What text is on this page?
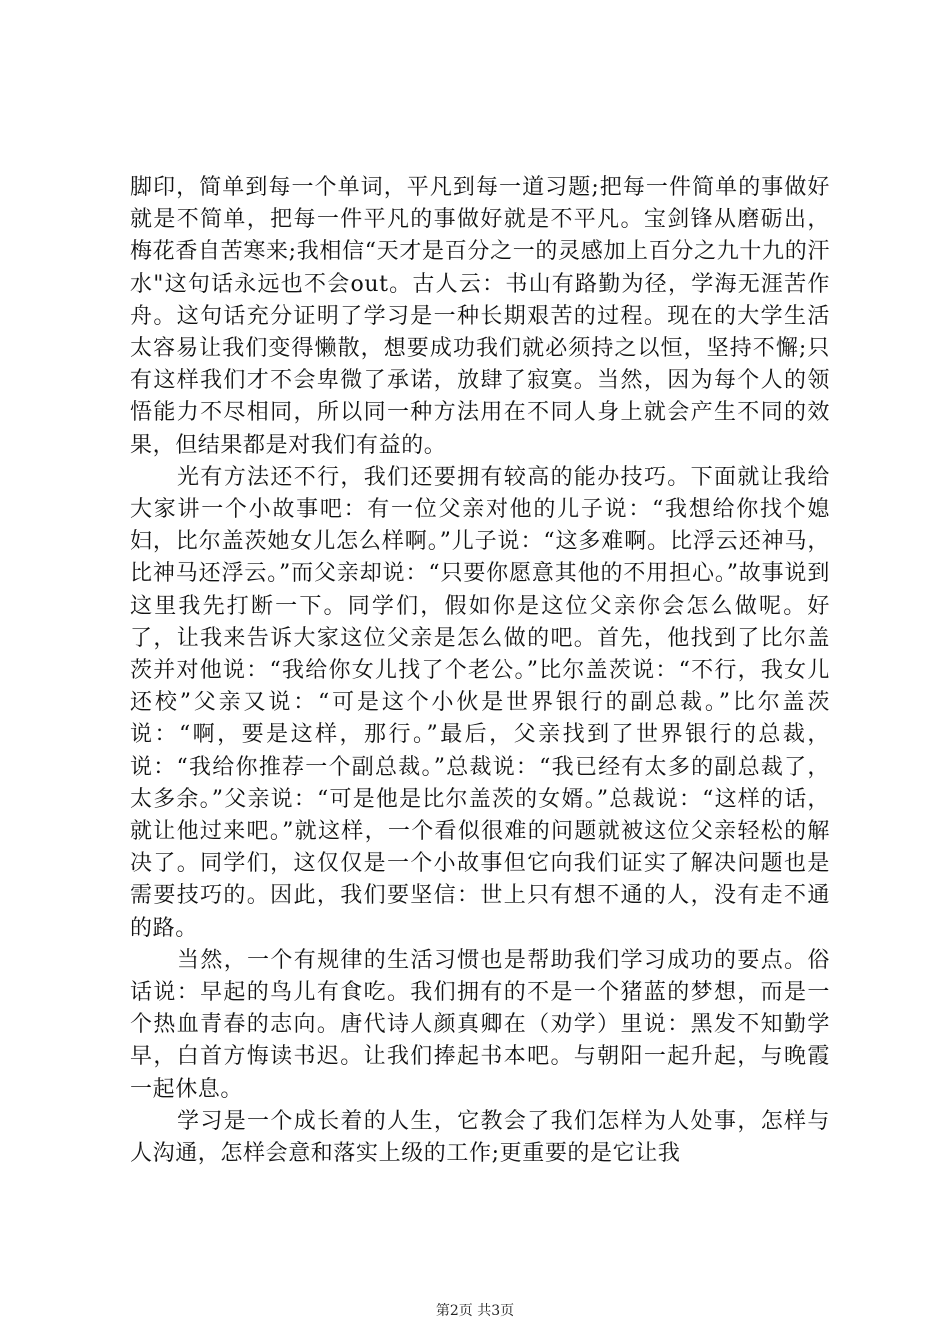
脚印，简单到每一个单词，平凡到每一道习题;把每一件简单的事做好就是不简单，把每一件平凡的事做好就是不平凡。宝剑锋从磨砺出，梅花香自苦寒来;我相信“天才是百分之一的灵感加上百分之九十九的汗水"这句话永远也不会out。古人云：书山有路勤为径，学海无涯苦作舟。这句话充分证明了学习是一种长期艰苦的过程。现在的大学生活太容易让我们变得懒散，想要成功我们就必须持之以恒，坚持不懈;只有这样我们才不会卑微了承诺，放肆了寂寞。当然，因为每个人的领悟能力不尽相同，所以同一种方法用在不同人身上就会产生不同的效果，但结果都是对我们有益的。

光有方法还不行，我们还要拥有较高的能办技巧。下面就让我给大家讲一个小故事吧：有一位父亲对他的儿子说：“我想给你找个媳妇，比尔盖茨她女儿怎么样啊。”儿子说：“这多难啊。比浮云还神马，比神马还浮云。”而父亲却说：“只要你愿意其他的不用担心。”故事说到这里我先打断一下。同学们，假如你是这位父亲你会怎么做呢。好了，让我来告诉大家这位父亲是怎么做的吧。首先，他找到了比尔盖茨并对他说：“我给你女儿找了个老公。”比尔盖茨说：“不行，我女儿还校”父亲又说：“可是这个小伙是世界银行的副总裁。”比尔盖茨说：“啊，要是这样，那行。”最后，父亲找到了世界银行的总裁，说：“我给你推荐一个副总裁。”总裁说：“我已经有太多的副总裁了，太多余。”父亲说：“可是他是比尔盖茨的女婿。”总裁说：“这样的话，就让他过来吧。”就这样，一个看似很难的问题就被这位父亲轻松的解决了。同学们，这仅仅是一个小故事但它向我们证实了解决问题也是需要技巧的。因此，我们要坚信：世上只有想不通的人，没有走不通的路。

当然，一个有规律的生活习惯也是帮助我们学习成功的要点。俗话说：早起的鸟儿有食吃。我们拥有的不是一个猪蓝的梦想，而是一个热血青春的志向。唐代诗人颜真卿在（劝学）里说：黑发不知勤学早，白首方悔读书迟。让我们捧起书本吧。与朝阳一起升起，与晚霞一起休息。

学习是一个成长着的人生，它教会了我们怎样为人处事，怎样与人沟通，怎样会意和落实上级的工作;更重要的是它让我

第2页 共3页
